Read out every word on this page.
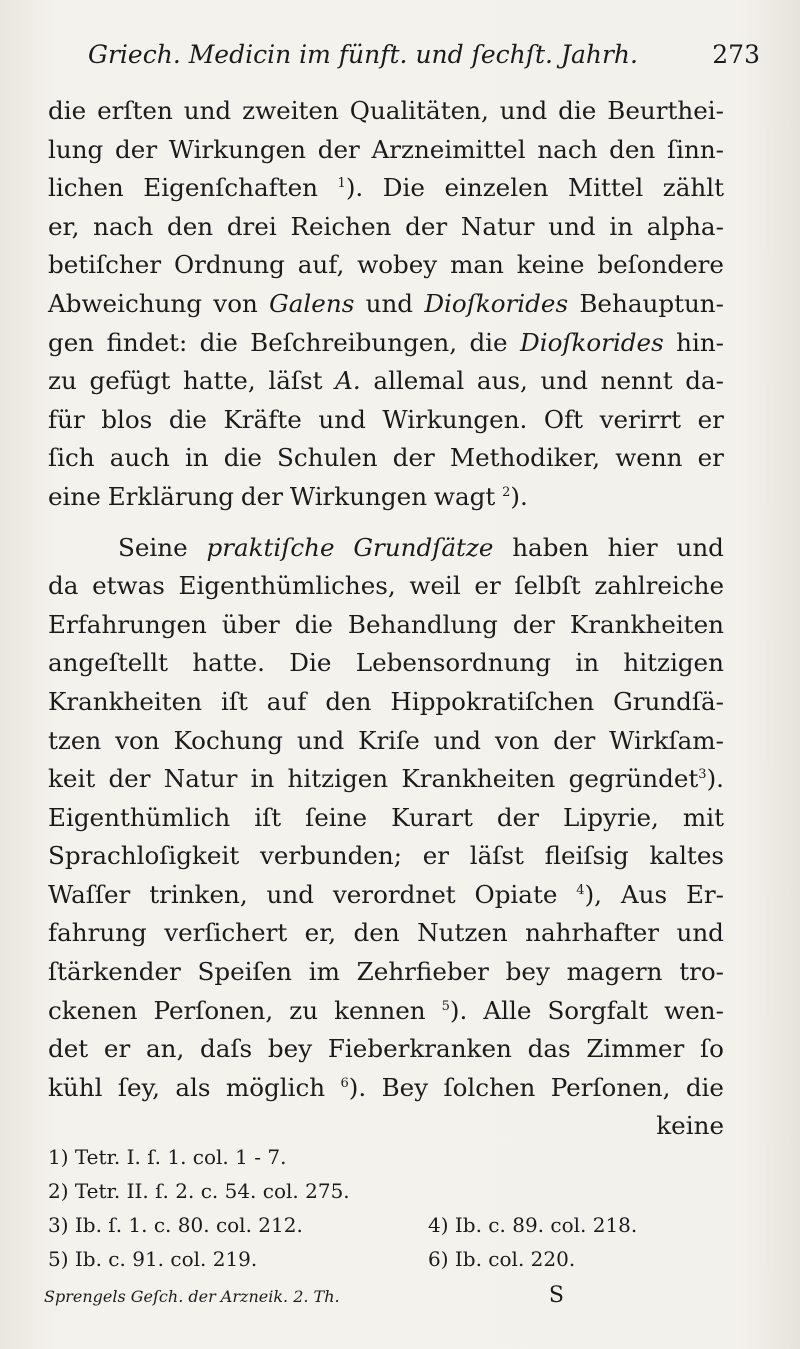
Griech. Medicin im fünft. und ſechſt. Jahrh.	273
die erſten und zweiten Qualitäten, und die Beurthei-
lung der Wirkungen der Arzneimittel nach den ſinn-
lichen Eigenſchaften $^1$). Die einzelen Mittel zählt
er, nach den drei Reichen der Natur und in alpha-
betiſcher Ordnung auf, wobey man keine beſondere
Abweichung von Galens und Dioſkorides Behauptun-
gen findet: die Beſchreibungen, die Dioſkorides hin-
zu gefügt hatte, läſst A. allemal aus, und nennt da-
für blos die Kräfte und Wirkungen. Oft verirrt er
ſich auch in die Schulen der Methodiker, wenn er
eine Erklärung der Wirkungen wagt $^2$).
Seine praktiſche Grundſätze haben hier und
da etwas Eigenthümliches, weil er ſelbſt zahlreiche
Erfahrungen über die Behandlung der Krankheiten
angeſtellt hatte. Die Lebensordnung in hitzigen
Krankheiten iſt auf den Hippokratiſchen Grundſä-
tzen von Kochung und Kriſe und von der Wirkſam-
keit der Natur in hitzigen Krankheiten gegründet$^3$).
Eigenthümlich iſt ſeine Kurart der Lipyrie, mit
Sprachloſigkeit verbunden; er läſst fleiſsig kaltes
Waſſer trinken, und verordnet Opiate $^4$), Aus Er-
fahrung verſichert er, den Nutzen nahrhafter und
ſtärkender Speiſen im Zehrfieber bey magern tro-
ckenen Perſonen, zu kennen $^5$). Alle Sorgfalt wen-
det er an, daſs bey Fieberkranken das Zimmer ſo
kühl ſey, als möglich $^6$). Bey ſolchen Perſonen, die
keine
1) Tetr. I. ſ. 1. col. 1 - 7.
2) Tetr. II. ſ. 2. c. 54. col. 275.
3) Ib. ſ. 1. c. 80. col. 212.	4) Ib. c. 89. col. 218.
5) Ib. c. 91. col. 219.	6) Ib. col. 220.
Sprengels Geſch. der Arzneik. 2. Th.	S
